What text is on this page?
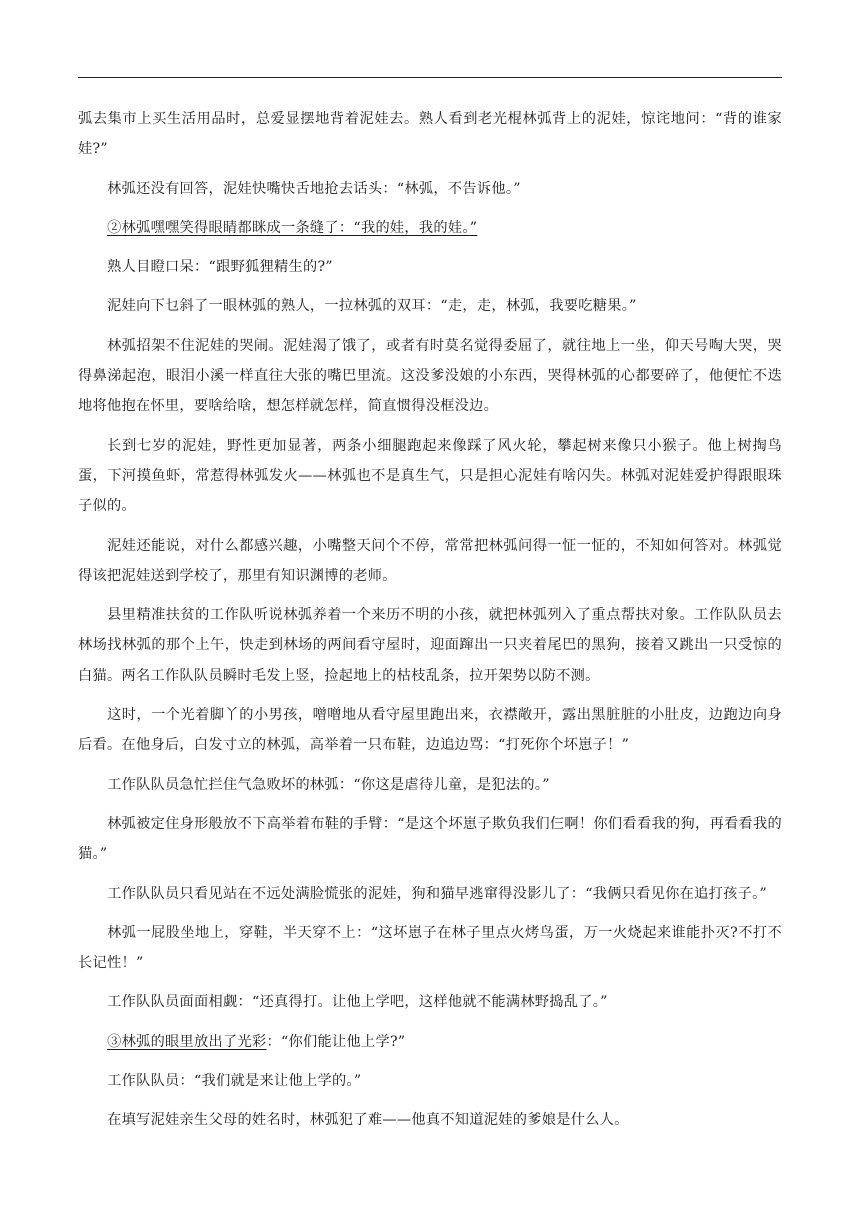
弧去集市上买生活用品时，总爱显摆地背着泥娃去。熟人看到老光棍林弧背上的泥娃，惊诧地问：“背的谁家娃?”

林弧还没有回答，泥娃快嘴快舌地抢去话头：“林弧，不告诉他。”

②林弧嘿嘿笑得眼睛都眯成一条缝了：“我的娃，我的娃。”

熟人目瞪口呆：“跟野狐狸精生的?”

泥娃向下乜斜了一眼林弧的熟人，一拉林弧的双耳：“走，走，林弧，我要吃糖果。”

林弧招架不住泥娃的哭闹。泥娃渴了饿了，或者有时莫名觉得委屈了，就往地上一坐，仰天号啕大哭，哭得鼻涕起泡，眼泪小溪一样直往大张的嘴巴里流。这没爹没娘的小东西，哭得林弧的心都要碎了，他便忙不迭地将他抱在怀里，要啥给啥，想怎样就怎样，简直惯得没框没边。

长到七岁的泥娃，野性更加显著，两条小细腿跑起来像踩了风火轮，攀起树来像只小猴子。他上树掏鸟蛋，下河摸鱼虾，常惹得林弧发火——林弧也不是真生气，只是担心泥娃有啥闪失。林弧对泥娃爱护得跟眼珠子似的。

泥娃还能说，对什么都感兴趣，小嘴整天问个不停，常常把林弧问得一怔一怔的，不知如何答对。林弧觉得该把泥娃送到学校了，那里有知识渊博的老师。

县里精准扶贫的工作队听说林弧养着一个来历不明的小孩，就把林弧列入了重点帮扶对象。工作队队员去林场找林弧的那个上午，快走到林场的两间看守屋时，迎面蹿出一只夹着尾巴的黑狗，接着又跳出一只受惊的白猫。两名工作队队员瞬时毛发上竖，捡起地上的枯枝乱条，拉开架势以防不测。

这时，一个光着脚丫的小男孩，噌噌地从看守屋里跑出来，衣襟敞开，露出黑脏脏的小肚皮，边跑边向身后看。在他身后，白发寸立的林弧，高举着一只布鞋，边追边骂：“打死你个坏崽子！”

工作队队员急忙拦住气急败坏的林弧：“你这是虐待儿童，是犯法的。”

林弧被定住身形般放不下高举着布鞋的手臂：“是这个坏崽子欺负我们仨啊！你们看看我的狗，再看看我的猫。”

工作队队员只看见站在不远处满脸慌张的泥娃，狗和猫早逃窜得没影儿了：“我俩只看见你在追打孩子。”

林弧一屁股坐地上，穿鞋，半天穿不上：“这坏崽子在林子里点火烤鸟蛋，万一火烧起来谁能扑灭?不打不长记性！”

工作队队员面面相觑：“还真得打。让他上学吧，这样他就不能满林野捣乱了。”

③林弧的眼里放出了光彩：“你们能让他上学?”

工作队队员：“我们就是来让他上学的。”

在填写泥娃亲生父母的姓名时，林弧犯了难——他真不知道泥娃的爹娘是什么人。
